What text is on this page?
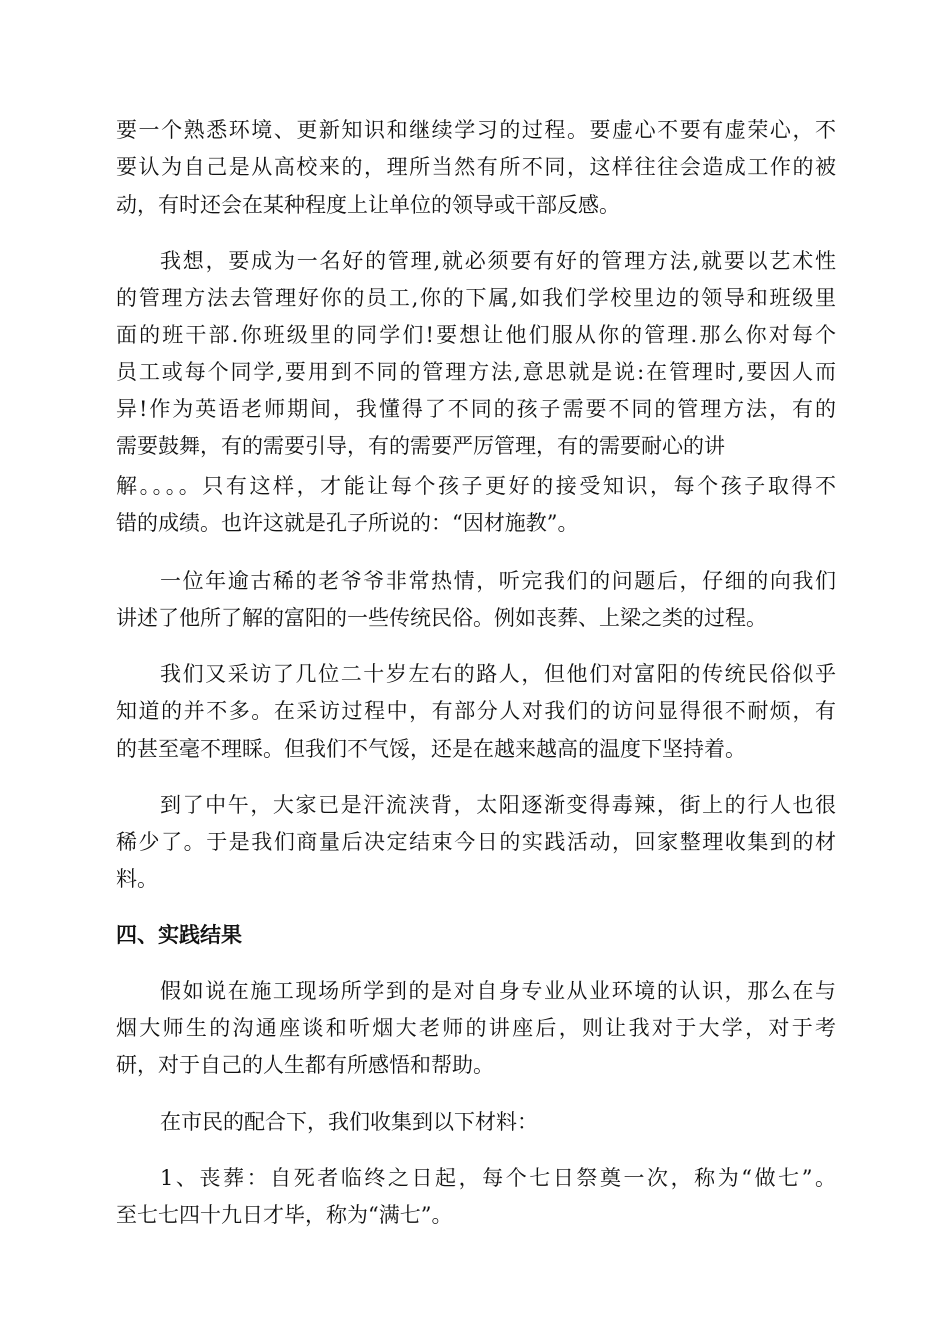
要一个熟悉环境、更新知识和继续学习的过程。要虚心不要有虚荣心，不
要认为自己是从高校来的，理所当然有所不同，这样往往会造成工作的被
动，有时还会在某种程度上让单位的领导或干部反感。
我想，要成为一名好的管理,就必须要有好的管理方法,就要以艺术性
的管理方法去管理好你的员工,你的下属,如我们学校里边的领导和班级里
面的班干部.你班级里的同学们!要想让他们服从你的管理.那么你对每个
员工或每个同学,要用到不同的管理方法,意思就是说:在管理时,要因人而
异!作为英语老师期间，我懂得了不同的孩子需要不同的管理方法，有的
需要鼓舞，有的需要引导，有的需要严厉管理，有的需要耐心的讲
解。。。。只有这样，才能让每个孩子更好的接受知识，每个孩子取得不
错的成绩。也许这就是孔子所说的：“因材施教”。
一位年逾古稀的老爷爷非常热情，听完我们的问题后，仔细的向我们
讲述了他所了解的富阳的一些传统民俗。例如丧葬、上梁之类的过程。
我们又采访了几位二十岁左右的路人，但他们对富阳的传统民俗似乎
知道的并不多。在采访过程中，有部分人对我们的访问显得很不耐烦，有
的甚至毫不理睬。但我们不气馁，还是在越来越高的温度下坚持着。
到了中午，大家已是汗流浃背，太阳逐渐变得毒辣，街上的行人也很
稀少了。于是我们商量后决定结束今日的实践活动，回家整理收集到的材
料。
四、实践结果
假如说在施工现场所学到的是对自身专业从业环境的认识，那么在与
烟大师生的沟通座谈和听烟大老师的讲座后，则让我对于大学，对于考
研，对于自己的人生都有所感悟和帮助。
在市民的配合下，我们收集到以下材料：
1、丧葬：自死者临终之日起，每个七日祭奠一次，称为“做七”。
至七七四十九日才毕，称为“满七”。
